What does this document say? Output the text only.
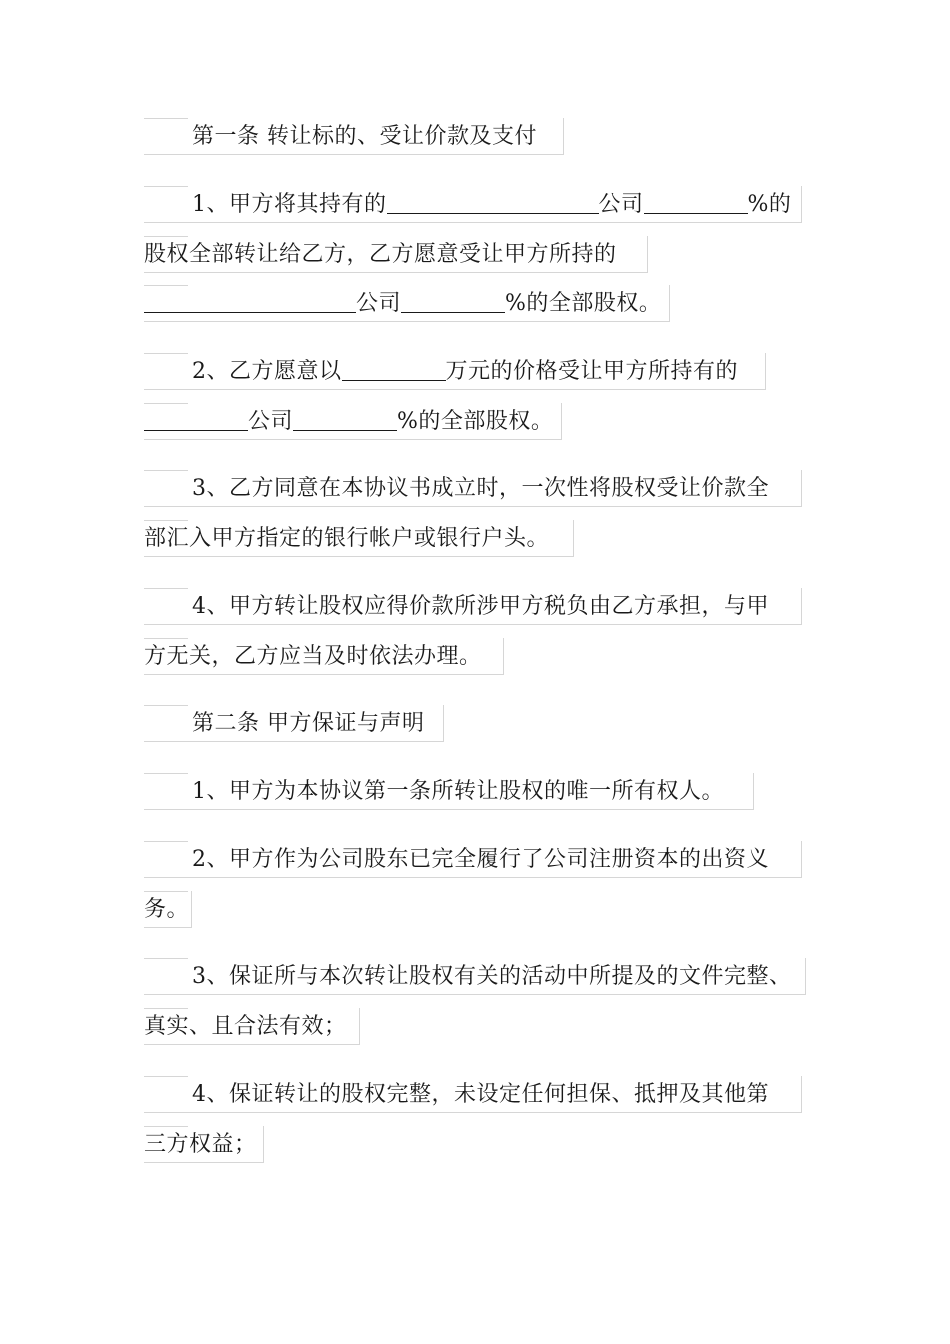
第一条 转让标的、受让价款及支付
1、甲方将其持有的	公司	%的
股权全部转让给乙方，乙方愿意受让甲方所持的
公司	%的全部股权。
2、乙方愿意以	万元的价格受让甲方所持有的
公司	%的全部股权。
3、乙方同意在本协议书成立时，一次性将股权受让价款全
部汇入甲方指定的银行帐户或银行户头。
4、甲方转让股权应得价款所涉甲方税负由乙方承担，与甲
方无关，乙方应当及时依法办理。
第二条 甲方保证与声明
1、甲方为本协议第一条所转让股权的唯一所有权人。
2、甲方作为公司股东已完全履行了公司注册资本的出资义
务。
3、保证所与本次转让股权有关的活动中所提及的文件完整、
真实、且合法有效；
4、保证转让的股权完整，未设定任何担保、抵押及其他第
三方权益；
